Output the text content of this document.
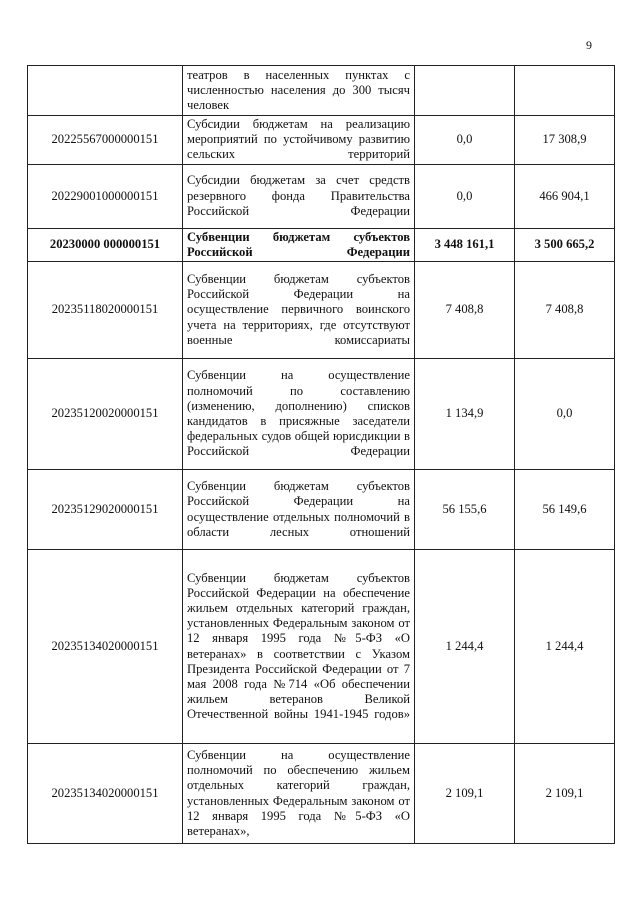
9
	театров в населенных пунктах с численностью населения до 300 тысяч человек		
20225567000000151	Субсидии бюджетам на реализацию мероприятий по устойчивому развитию сельских территорий	0,0	17 308,9
20229001000000151	Субсидии бюджетам за счет средств резервного фонда Правительства Российской Федерации	0,0	466 904,1
20230000 000000151	Субвенции бюджетам субъектов Российской Федерации	3 448 161,1	3 500 665,2
20235118020000151	Субвенции бюджетам субъектов Российской Федерации на осуществление первичного воинского учета на территориях, где отсутствуют военные комиссариаты	7 408,8	7 408,8
20235120020000151	Субвенции на осуществление полномочий по составлению (изменению, дополнению) списков кандидатов в присяжные заседатели федеральных судов общей юрисдикции в Российской Федерации	1 134,9	0,0
20235129020000151	Субвенции бюджетам субъектов Российской Федерации на осуществление отдельных полномочий в области лесных отношений	56 155,6	56 149,6
20235134020000151	Субвенции бюджетам субъектов Российской Федерации на обеспечение жильем отдельных категорий граждан, установленных Федеральным законом от 12 января 1995 года №5-ФЗ «О ветеранах» в соответствии с Указом Президента Российской Федерации от 7 мая 2008 года №714 «Об обеспечении жильем ветеранов Великой Отечественной войны 1941-1945 годов»	1 244,4	1 244,4
20235134020000151	Субвенции на осуществление полномочий по обеспечению жильем отдельных категорий граждан, установленных Федеральным законом от 12 января 1995 года №5-ФЗ «О ветеранах»,	2 109,1	2 109,1
